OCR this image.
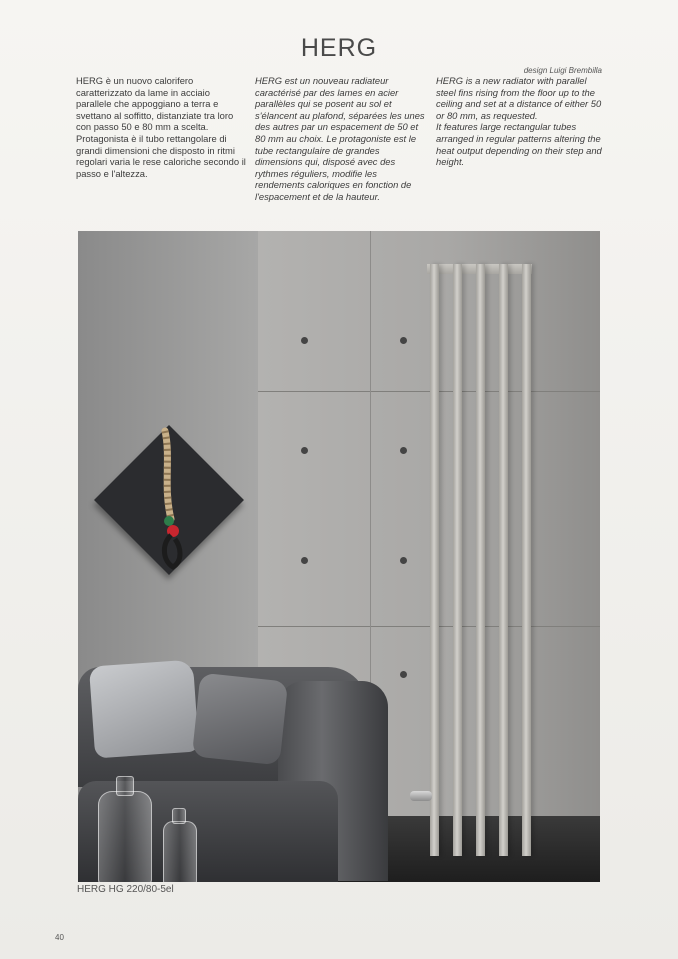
HERG
design Luigi Brembilla

HERG è un nuovo calorifero caratterizzato da lame in acciaio parallele che appoggiano a terra e svettano al soffitto, distanziate tra loro con passo 50 e 80 mm a scelta.

Protagonista è il tubo rettangolare di grandi dimensioni che disposto in ritmi regolari varia le rese caloriche secondo il passo e l'altezza.

HERG est un nouveau radiateur caractérisé par des lames en acier parallèles qui se posent au sol et s'élancent au plafond, séparées les unes des autres par un espacement de 50 et 80 mm au choix. Le protagoniste est le tube rectangulaire de grandes dimensions qui, disposé avec des rythmes réguliers, modifie les rendements caloriques en fonction de l'espacement et de la hauteur.

HERG is a new radiator with parallel steel fins rising from the floor up to the ceiling and set at a distance of either 50 or 80 mm, as requested.

It features large rectangular tubes arranged in regular patterns altering the heat output depending on their step and height.

HERG HG 220/80-5el
40
